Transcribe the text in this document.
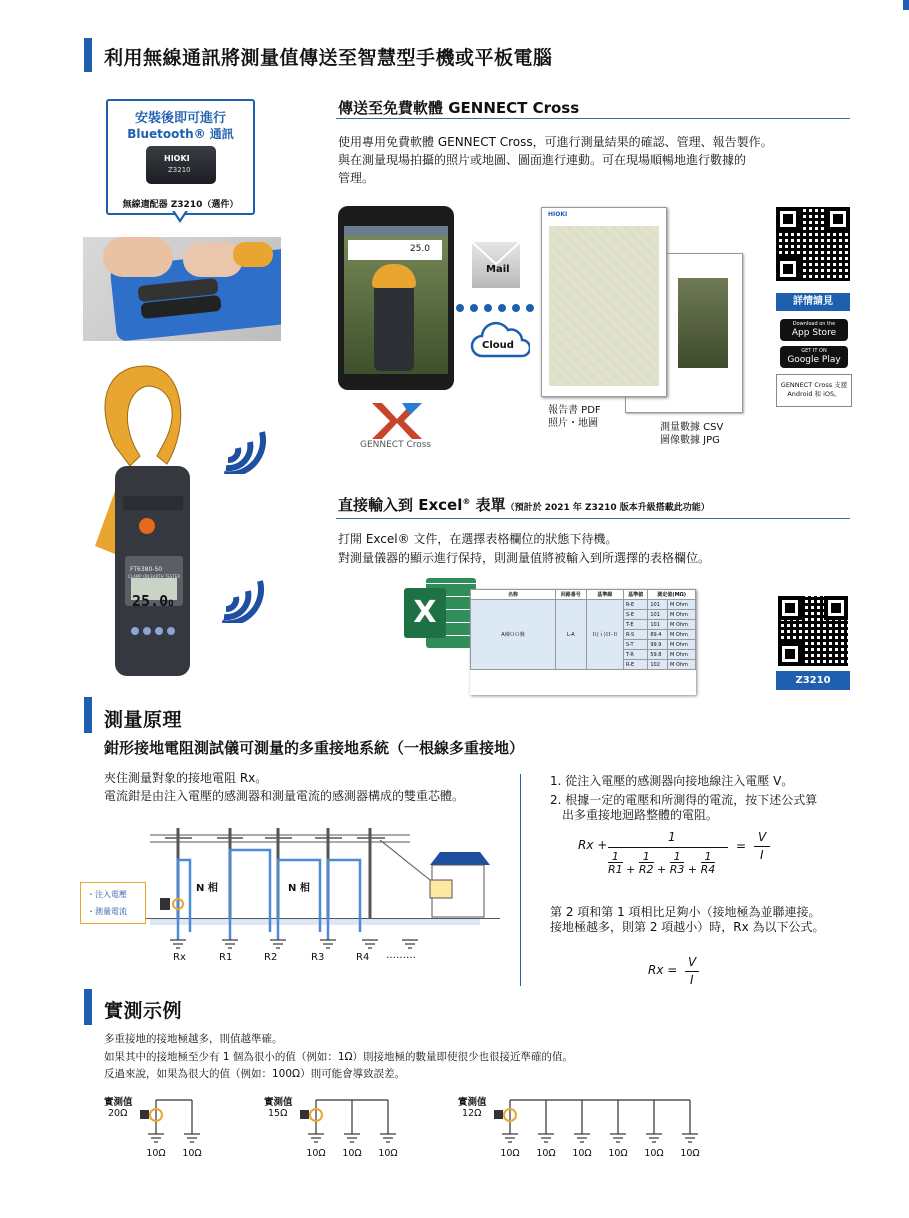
利用無線通訊將測量值傳送至智慧型手機或平板電腦
安裝後即可進行
Bluetooth® 通訊
HIOKI
Z3210
無線適配器 Z3210（選件）
25.0Ω
FT6380-50
CLAMP ON EARTH TESTER
傳送至免費軟體 GENNECT Cross
使用專用免費軟體 GENNECT Cross，可進行測量結果的確認、管理、報告製作。
與在測量現場拍攝的照片或地圖、圖面進行連動。可在現場順暢地進行數據的
管理。
25.0
Mail
Cloud
GENNECT Cross
HIOKI
報告書 PDF
照片・地圖	測量數據 CSV
圖像數據 JPG
詳情請見
Download on the
App Store
GET IT ON
Google Play
GENNECT Cross 支援
Android 和 iOS。
直接輸入到 Excel® 表單（預計於 2021 年 Z3210 版本升級搭載此功能）
打開 Excel® 文件，在選擇表格欄位的狀態下待機。
對測量儀器的顯示進行保持，則測量值將被輸入到所選擇的表格欄位。
X	名称	回路番号	基準線	基準値	測定值(MΩ)	
A棟ＯＯ盤	L-A	Ｂ(ｉ)Ｈ-Ｂ	R-E	101	M Ohm
			S-E	101	M Ohm
			T-E	101	M Ohm
			R-S	89.4	M Ohm
			S-T	99.9	M Ohm
			T-R	59.8	M Ohm
			R-E	102	M Ohm
Z3210 Website
測量原理
鉗形接地電阻測試儀可測量的多重接地系統（一根線多重接地）
夾住測量對象的接地電阻 Rx。
電流鉗是由注入電壓的感測器和測量電流的感測器構成的雙重芯體。
・注入電壓
・測量電流
N 相	N 相
Rx	R1	R2	R3	R4 ………
1. 從注入電壓的感測器向接地線注入電壓 V。
2. 根據一定的電壓和所測得的電流，按下述公式算
出多重接地迴路整體的電阻。
Rx +
1
$\frac{1}{R1} + \frac{1}{R2} + \frac{1}{R3} + \frac{1}{R4}$
=
V
I
第 2 項和第 1 項相比足夠小（接地極為並聯連接。
接地極越多，則第 2 項越小）時，Rx 為以下公式。
Rx =
V
I
實測示例
多重接地的接地極越多，則值越準確。
如果其中的接地極至少有 1 個為很小的值（例如：1Ω）則接地極的數量即使很少也很接近準確的值。
反過來說，如果為很大的值（例如：100Ω）則可能會導致誤差。
實測值
20Ω
10Ω	10Ω
實測值
15Ω
10Ω	10Ω	10Ω
實測值
12Ω
10Ω	10Ω	10Ω	10Ω	10Ω	10Ω
